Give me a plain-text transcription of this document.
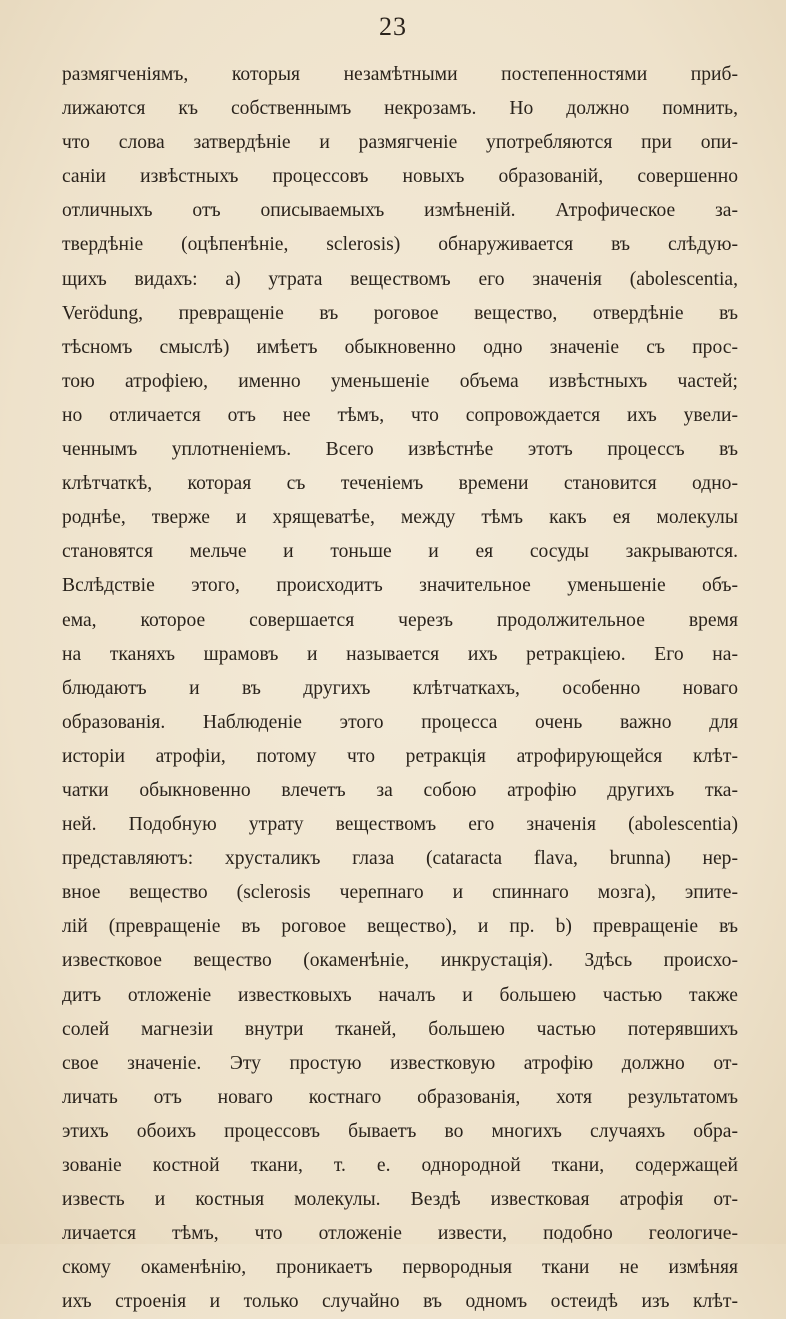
23
размягченіямъ, которыя незамѣтными постепенностями приб-
лижаются къ собственнымъ некрозамъ. Но должно помнить,
что слова затвердѣніе и размягченіе употребляются при опи-
саніи извѣстныхъ процессовъ новыхъ образованій, совершенно
отличныхъ отъ описываемыхъ измѣненій. Атрофическое за-
твердѣніе (оцѣпенѣніе, sclerosis) обнаруживается въ слѣдую-
щихъ видахъ: a) утрата веществомъ его значенія (abolescentia,
Verödung, превращеніе въ роговое вещество, отвердѣніе въ
тѣсномъ смыслѣ) имѣетъ обыкновенно одно значеніе съ прос-
тою атрофіею, именно уменьшеніе объема извѣстныхъ частей;
но отличается отъ нее тѣмъ, что сопровождается ихъ увели-
ченнымъ уплотненіемъ. Всего извѣстнѣе этотъ процессъ въ
клѣтчаткѣ, которая съ теченіемъ времени становится одно-
роднѣе, тверже и хрящеватѣе, между тѣмъ какъ ея молекулы
становятся мельче и тоньше и ея сосуды закрываются.
Вслѣдствіе этого, происходитъ значительное уменьшеніе объ-
ема, которое совершается черезъ продолжительное время
на тканяхъ шрамовъ и называется ихъ ретракціею. Его на-
блюдаютъ и въ другихъ клѣтчаткахъ, особенно новаго
образованія. Наблюденіе этого процесса очень важно для
исторіи атрофіи, потому что ретракція атрофирующейся клѣт-
чатки обыкновенно влечетъ за собою атрофію другихъ тка-
ней. Подобную утрату веществомъ его значенія (abolescentia)
представляютъ: хрусталикъ глаза (cataracta flava, brunna) нер-
вное вещество (sclerosis черепнаго и спиннаго мозга), эпите-
лій (превращеніе въ роговое вещество), и пр. b) превращеніе въ
известковое вещество (окаменѣніе, инкрустація). Здѣсь происхо-
дитъ отложеніе известковыхъ началъ и большею частью также
солей магнезіи внутри тканей, большею частью потерявшихъ
свое значеніе. Эту простую известковую атрофію должно от-
личать отъ новаго костнаго образованія, хотя результатомъ
этихъ обоихъ процессовъ бываетъ во многихъ случаяхъ обра-
зованіе костной ткани, т. е. однородной ткани, содержащей
известь и костныя молекулы. Вездѣ известковая атрофія от-
личается тѣмъ, что отложеніе извести, подобно геологиче-
скому окаменѣнію, проникаетъ первородныя ткани не измѣняя
ихъ строенія и только случайно въ одномъ остеидѣ изъ клѣт-
